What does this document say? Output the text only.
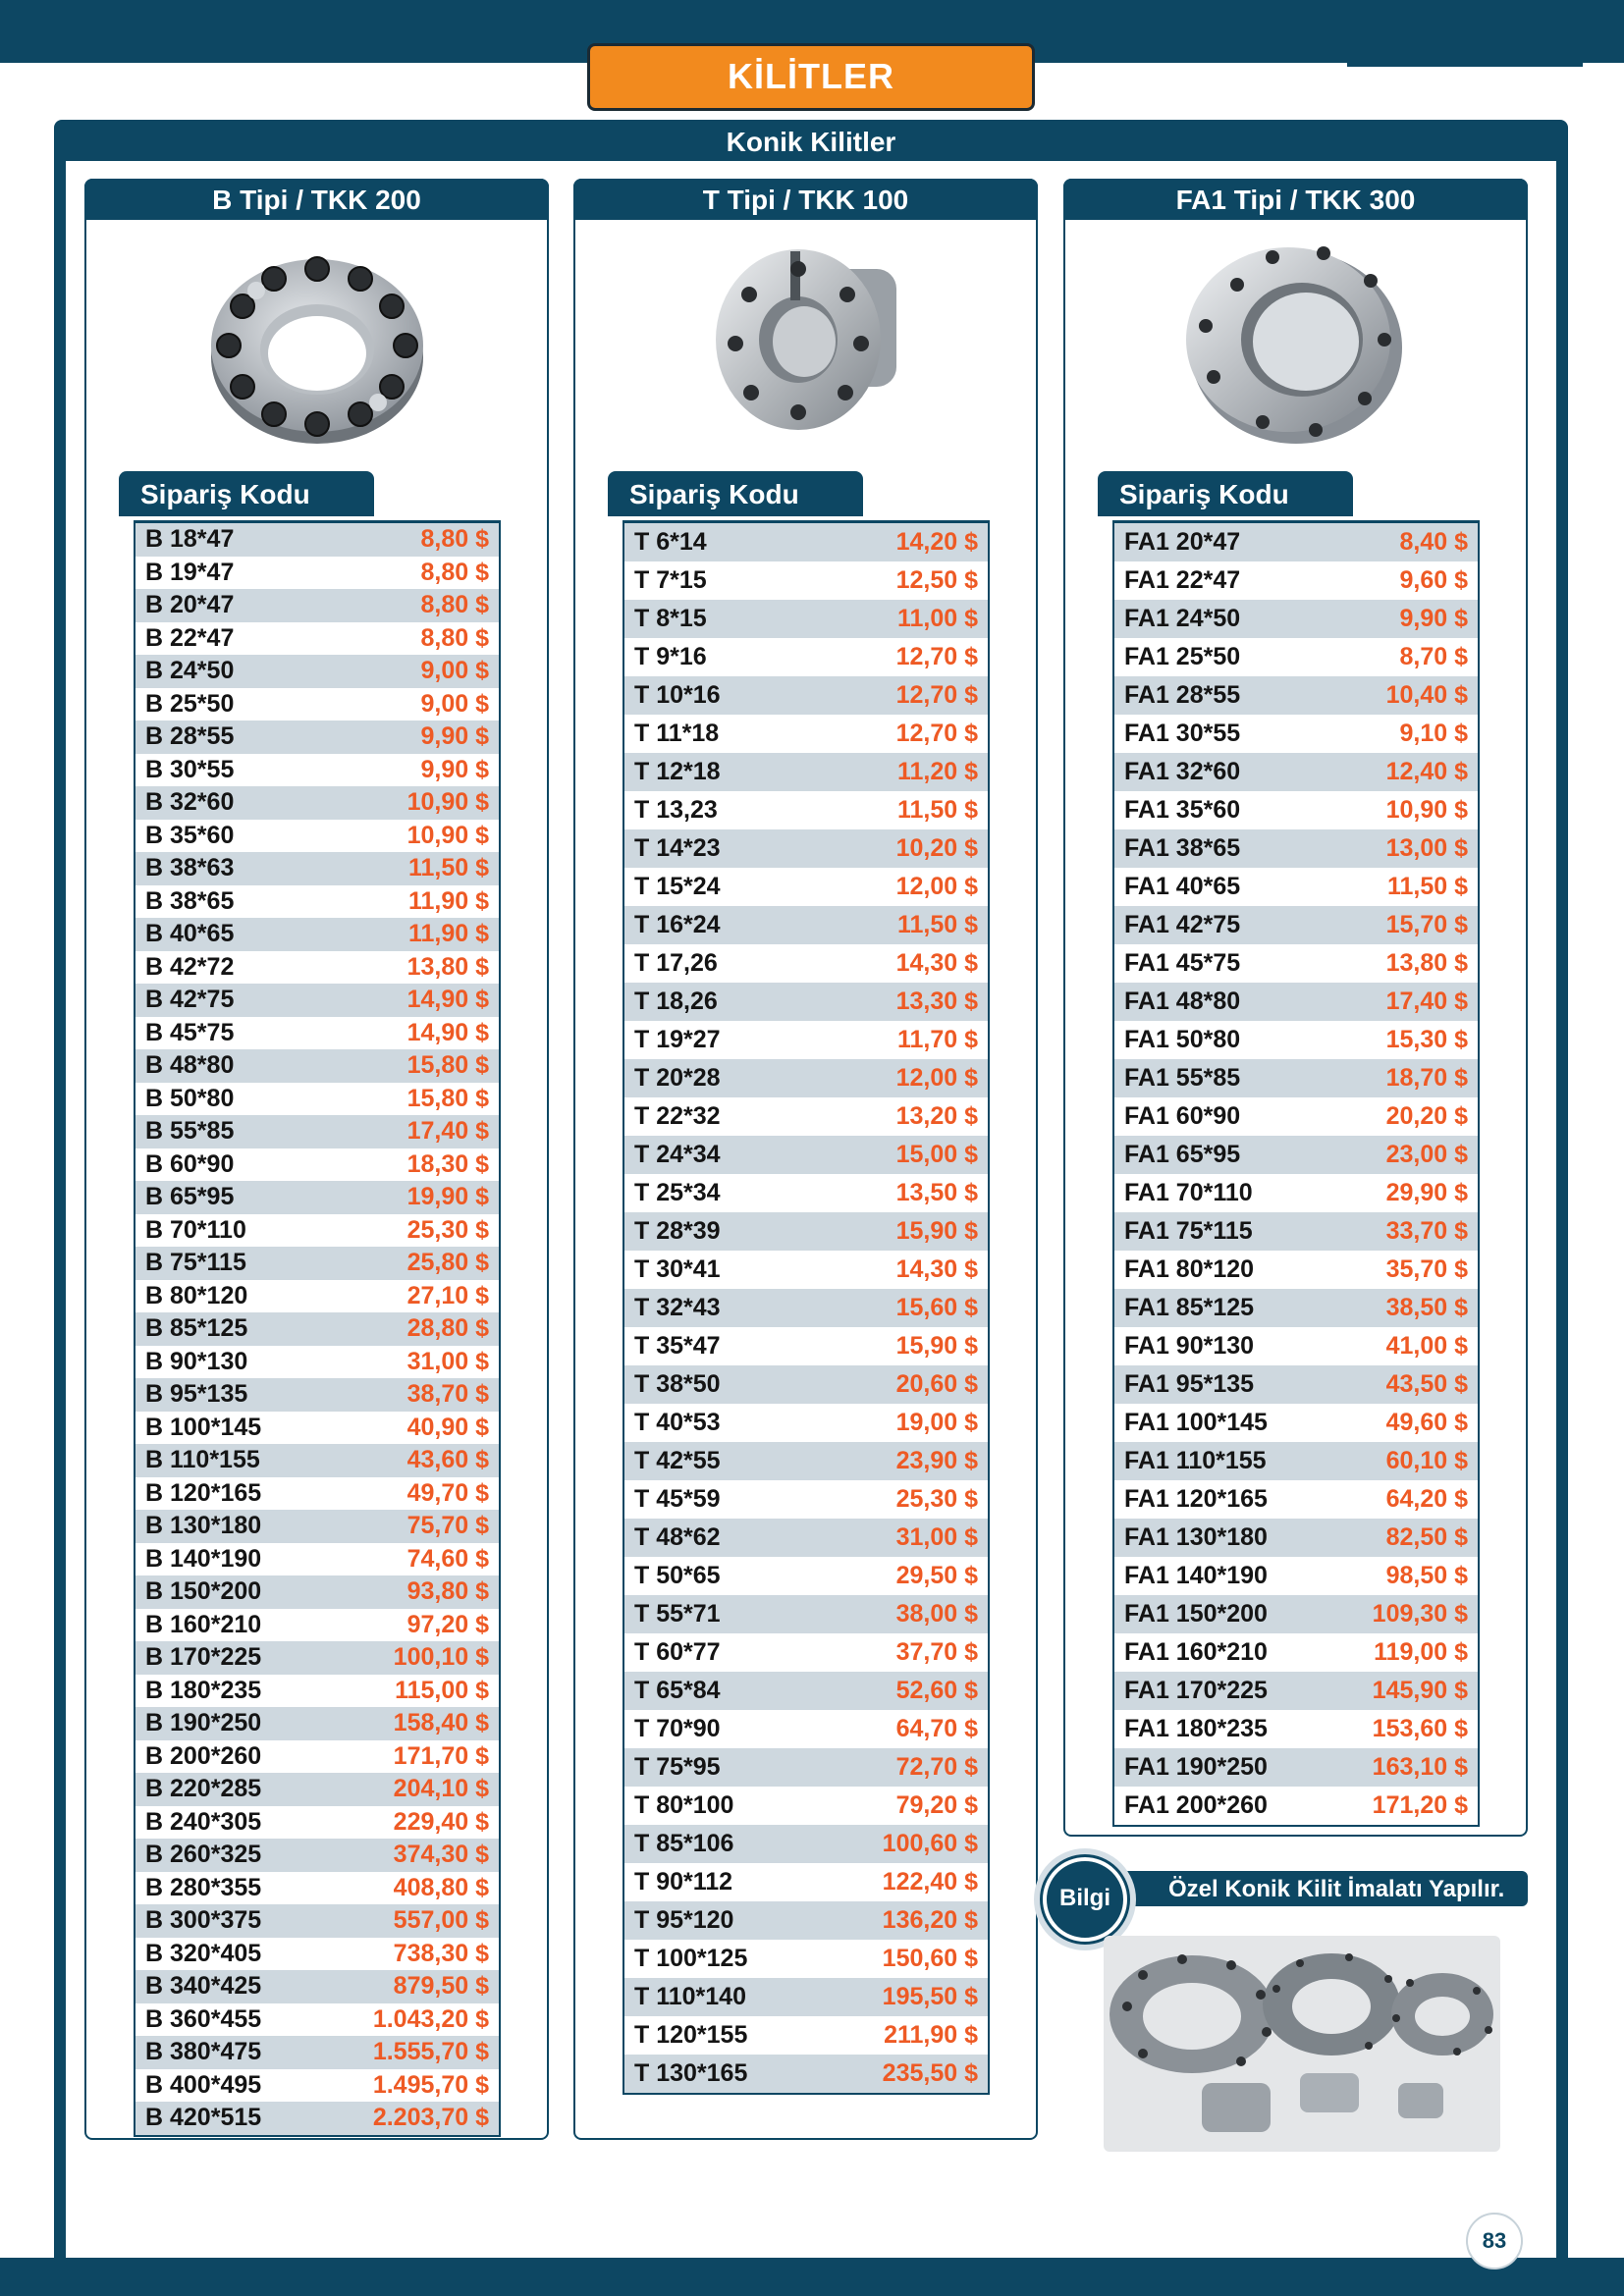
KİLİTLER
Konik Kilitler
B Tipi / TKK 200
Sipariş Kodu
B 18*47	8,80 $
B 19*47	8,80 $
B 20*47	8,80 $
B 22*47	8,80 $
B 24*50	9,00 $
B 25*50	9,00 $
B 28*55	9,90 $
B 30*55	9,90 $
B 32*60	10,90 $
B 35*60	10,90 $
B 38*63	11,50 $
B 38*65	11,90 $
B 40*65	11,90 $
B 42*72	13,80 $
B 42*75	14,90 $
B 45*75	14,90 $
B 48*80	15,80 $
B 50*80	15,80 $
B 55*85	17,40 $
B 60*90	18,30 $
B 65*95	19,90 $
B 70*110	25,30 $
B 75*115	25,80 $
B 80*120	27,10 $
B 85*125	28,80 $
B 90*130	31,00 $
B 95*135	38,70 $
B 100*145	40,90 $
B 110*155	43,60 $
B 120*165	49,70 $
B 130*180	75,70 $
B 140*190	74,60 $
B 150*200	93,80 $
B 160*210	97,20 $
B 170*225	100,10 $
B 180*235	115,00 $
B 190*250	158,40 $
B 200*260	171,70 $
B 220*285	204,10 $
B 240*305	229,40 $
B 260*325	374,30 $
B 280*355	408,80 $
B 300*375	557,00 $
B 320*405	738,30 $
B 340*425	879,50 $
B 360*455	1.043,20 $
B 380*475	1.555,70 $
B 400*495	1.495,70 $
B 420*515	2.203,70 $
T Tipi / TKK 100
Sipariş Kodu
T 6*14	14,20 $
T 7*15	12,50 $
T 8*15	11,00 $
T 9*16	12,70 $
T 10*16	12,70 $
T 11*18	12,70 $
T 12*18	11,20 $
T 13,23	11,50 $
T 14*23	10,20 $
T 15*24	12,00 $
T 16*24	11,50 $
T 17,26	14,30 $
T 18,26	13,30 $
T 19*27	11,70 $
T 20*28	12,00 $
T 22*32	13,20 $
T 24*34	15,00 $
T 25*34	13,50 $
T 28*39	15,90 $
T 30*41	14,30 $
T 32*43	15,60 $
T 35*47	15,90 $
T 38*50	20,60 $
T 40*53	19,00 $
T 42*55	23,90 $
T 45*59	25,30 $
T 48*62	31,00 $
T 50*65	29,50 $
T 55*71	38,00 $
T 60*77	37,70 $
T 65*84	52,60 $
T 70*90	64,70 $
T 75*95	72,70 $
T 80*100	79,20 $
T 85*106	100,60 $
T 90*112	122,40 $
T 95*120	136,20 $
T 100*125	150,60 $
T 110*140	195,50 $
T 120*155	211,90 $
T 130*165	235,50 $
FA1 Tipi / TKK 300
Sipariş Kodu
FA1 20*47	8,40 $
FA1 22*47	9,60 $
FA1 24*50	9,90 $
FA1 25*50	8,70 $
FA1 28*55	10,40 $
FA1 30*55	9,10 $
FA1 32*60	12,40 $
FA1 35*60	10,90 $
FA1 38*65	13,00 $
FA1 40*65	11,50 $
FA1 42*75	15,70 $
FA1 45*75	13,80 $
FA1 48*80	17,40 $
FA1 50*80	15,30 $
FA1 55*85	18,70 $
FA1 60*90	20,20 $
FA1 65*95	23,00 $
FA1 70*110	29,90 $
FA1 75*115	33,70 $
FA1 80*120	35,70 $
FA1 85*125	38,50 $
FA1 90*130	41,00 $
FA1 95*135	43,50 $
FA1 100*145	49,60 $
FA1 110*155	60,10 $
FA1 120*165	64,20 $
FA1 130*180	82,50 $
FA1 140*190	98,50 $
FA1 150*200	109,30 $
FA1 160*210	119,00 $
FA1 170*225	145,90 $
FA1 180*235	153,60 $
FA1 190*250	163,10 $
FA1 200*260	171,20 $
Özel Konik Kilit İmalatı Yapılır.
Bilgi
83
